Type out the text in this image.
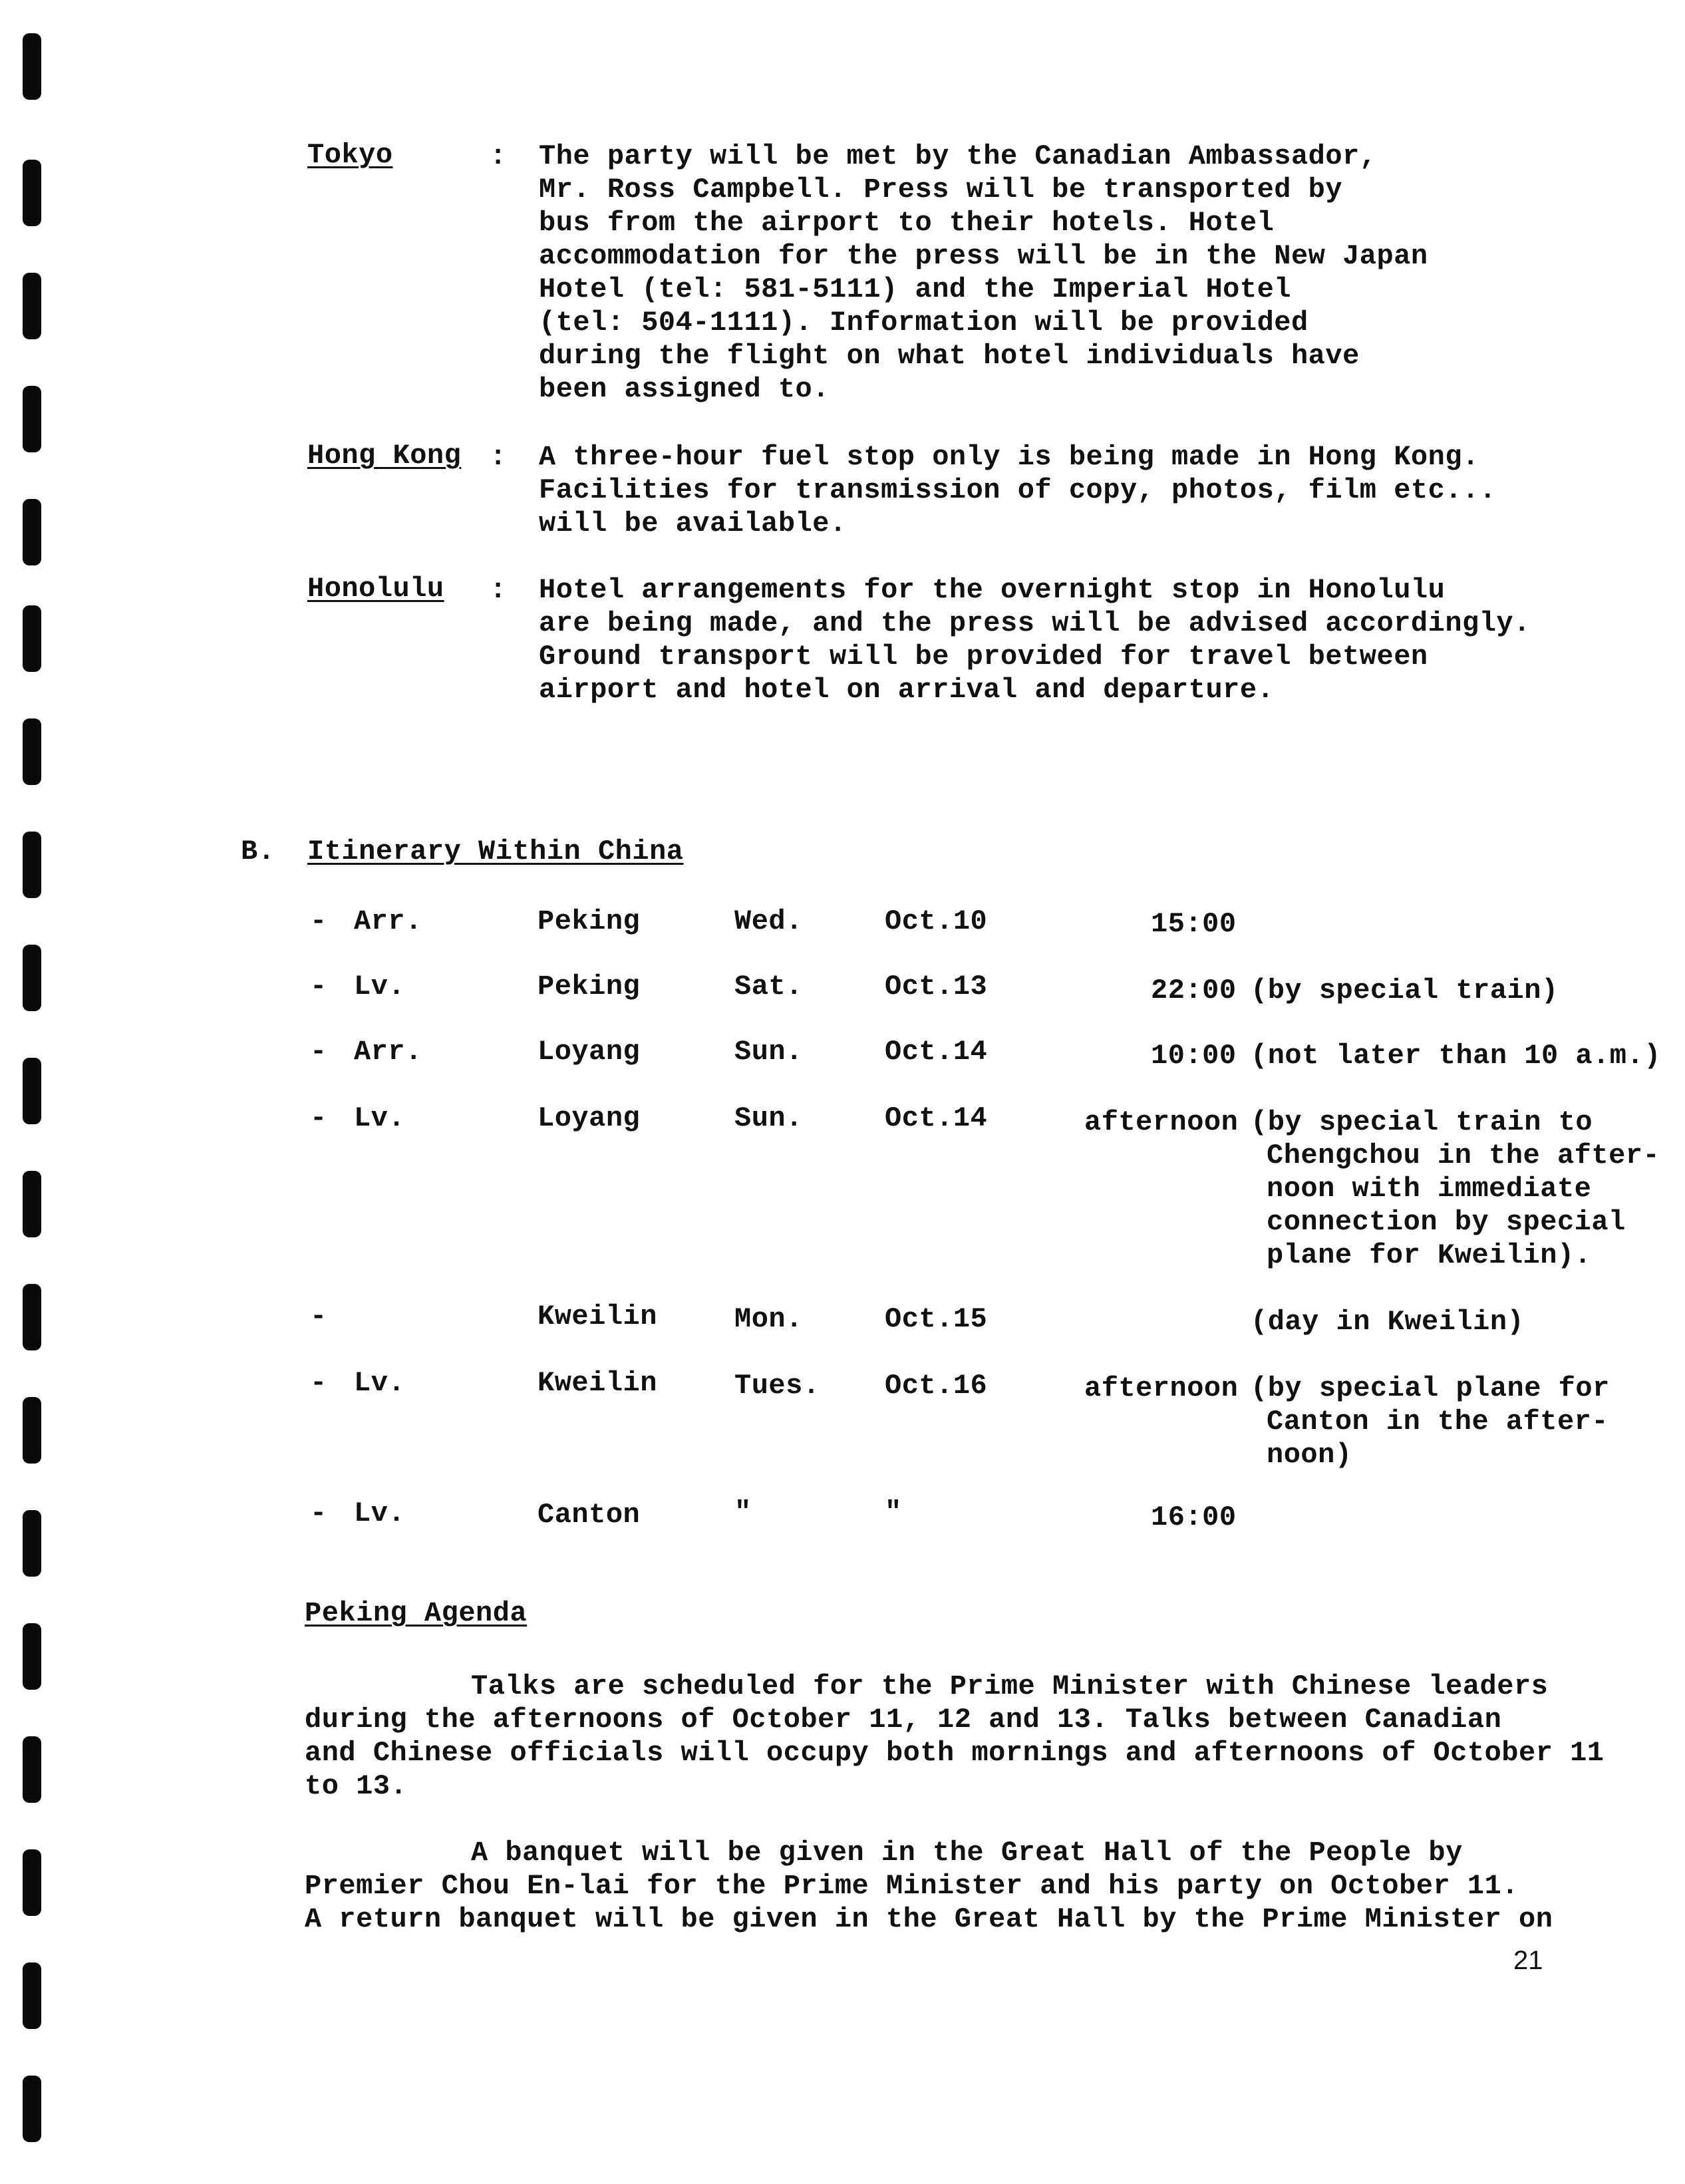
Tokyo	: The party will be met by the Canadian Ambassador,
Mr. Ross Campbell. Press will be transported by
bus from the airport to their hotels. Hotel
accommodation for the press will be in the New Japan
Hotel (tel: 581-5111) and the Imperial Hotel
(tel: 504-1111). Information will be provided
during the flight on what hotel individuals have
been assigned to.
Hong Kong : A three-hour fuel stop only is being made in Hong Kong.
Facilities for transmission of copy, photos, film etc...
will be available.
Honolulu : Hotel arrangements for the overnight stop in Honolulu
are being made, and the press will be advised accordingly.
Ground transport will be provided for travel between
airport and hotel on arrival and departure.
B. Itinerary Within China
- Arr.	Peking	Wed.	Oct.10	15:00
- Lv.	Peking	Sat.	Oct.13	22:00 (by special train)
- Arr.	Loyang	Sun.	Oct.14	10:00 (not later than 10 a.m.)
- Lv.	Loyang	Sun.	Oct.14	afternoon (by special train to
Chengchou in the after-
noon with immediate
connection by special
plane for Kweilin).
-	Kweilin	Mon.	Oct.15	(day in Kweilin)
- Lv.	Kweilin	Tues. Oct.16	afternoon (by special plane for
Canton in the after-
noon)
- Lv.	Canton	"	"	16:00
Peking Agenda
Talks are scheduled for the Prime Minister with Chinese leaders
during the afternoons of October 11, 12 and 13. Talks between Canadian
and Chinese officials will occupy both mornings and afternoons of October 11
to 13.
A banquet will be given in the Great Hall of the People by
Premier Chou En-lai for the Prime Minister and his party on October 11.
A return banquet will be given in the Great Hall by the Prime Minister on
21
